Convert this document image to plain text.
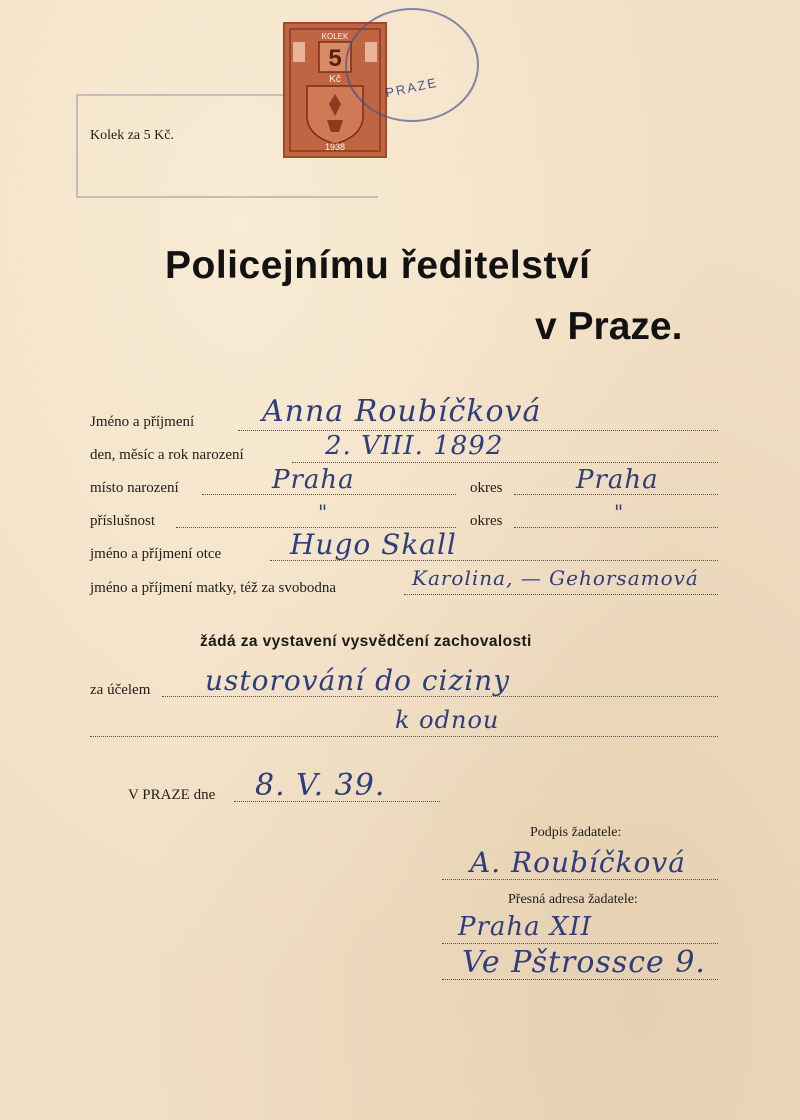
KOLEK
5
Kč
1938
PRAZE
Kolek za 5 Kč.
Policejnímu ředitelství
v Praze.
Jméno a příjmení Anna Roubíčková
den, měsíc a rok narození	2. VIII. 1892
místo narození	Praha	okres	Praha
příslušnost	"	okres	"
jméno a příjmení otce Hugo Skall
jméno a příjmení matky, též za svobodna	Karolina, — Gehorsamová
žádá za vystavení vysvědčení zachovalosti
za účelem ustorování do ciziny
k odnou
V PRAZE dne 8. V. 39.
Podpis žadatele:
A. Roubíčková
Přesná adresa žadatele:
Praha XII
Ve Pštrossce 9.
